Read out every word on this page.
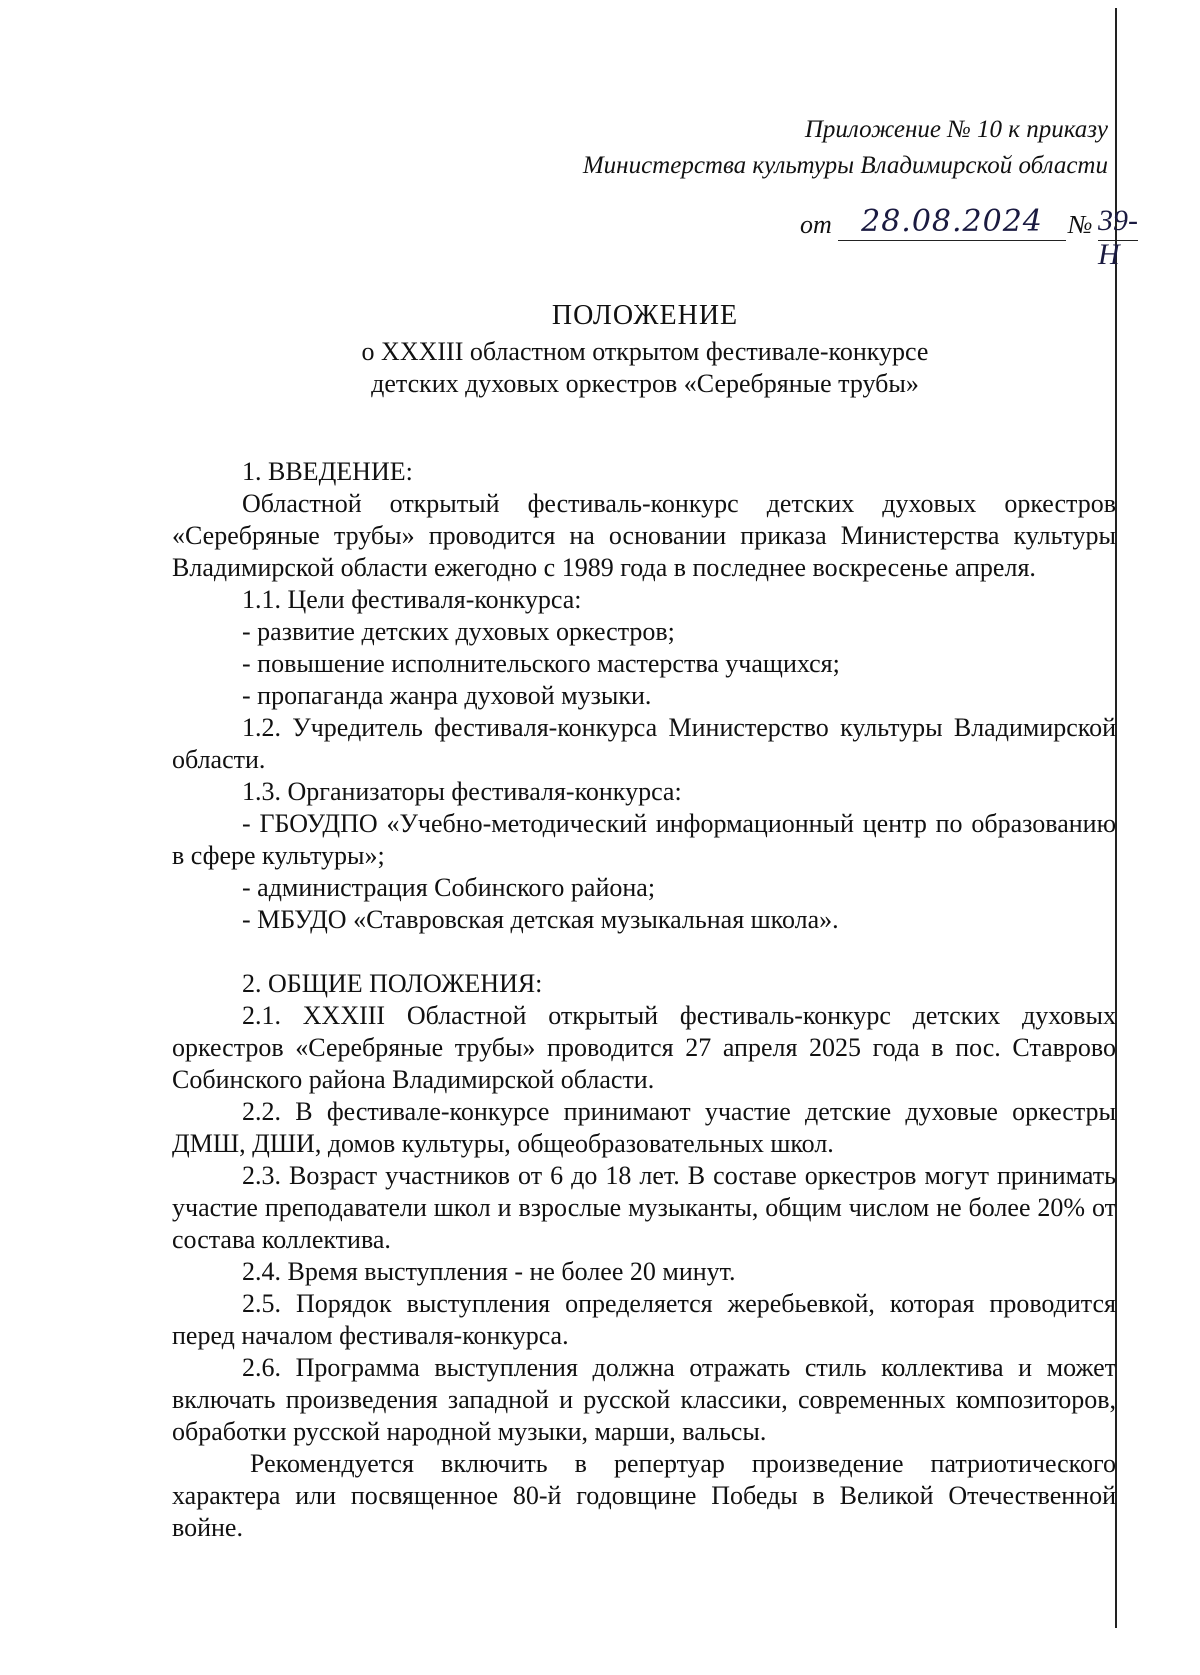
Приложение № 10 к приказу
Министерства культуры Владимирской области
от 28.08.2024 № 39-Н
ПОЛОЖЕНИЕ
о XXXIII областном открытом фестивале-конкурсе
детских духовых оркестров «Серебряные трубы»

1. ВВЕДЕНИЕ:

Областной открытый фестиваль-конкурс детских духовых оркестров «Серебряные трубы» проводится на основании приказа Министерства культуры Владимирской области ежегодно с 1989 года в последнее воскресенье апреля.

1.1. Цели фестиваля-конкурса:

- развитие детских духовых оркестров;

- повышение исполнительского мастерства учащихся;

- пропаганда жанра духовой музыки.

1.2. Учредитель фестиваля-конкурса Министерство культуры Владимирской области.

1.3. Организаторы фестиваля-конкурса:

- ГБОУДПО «Учебно-методический информационный центр по образованию в сфере культуры»;

- администрация Собинского района;

- МБУДО «Ставровская детская музыкальная школа».

2. ОБЩИЕ ПОЛОЖЕНИЯ:

2.1. XXXIII Областной открытый фестиваль-конкурс детских духовых оркестров «Серебряные трубы» проводится 27 апреля 2025 года в пос. Ставрово Собинского района Владимирской области.

2.2. В фестивале-конкурсе принимают участие детские духовые оркестры ДМШ, ДШИ, домов культуры, общеобразовательных школ.

2.3. Возраст участников от 6 до 18 лет. В составе оркестров могут принимать участие преподаватели школ и взрослые музыканты, общим числом не более 20% от состава коллектива.

2.4. Время выступления - не более 20 минут.

2.5. Порядок выступления определяется жеребьевкой, которая проводится перед началом фестиваля-конкурса.

2.6. Программа выступления должна отражать стиль коллектива и может включать произведения западной и русской классики, современных композиторов, обработки русской народной музыки, марши, вальсы.

Рекомендуется включить в репертуар произведение патриотического характера или посвященное 80-й годовщине Победы в Великой Отечественной войне.
